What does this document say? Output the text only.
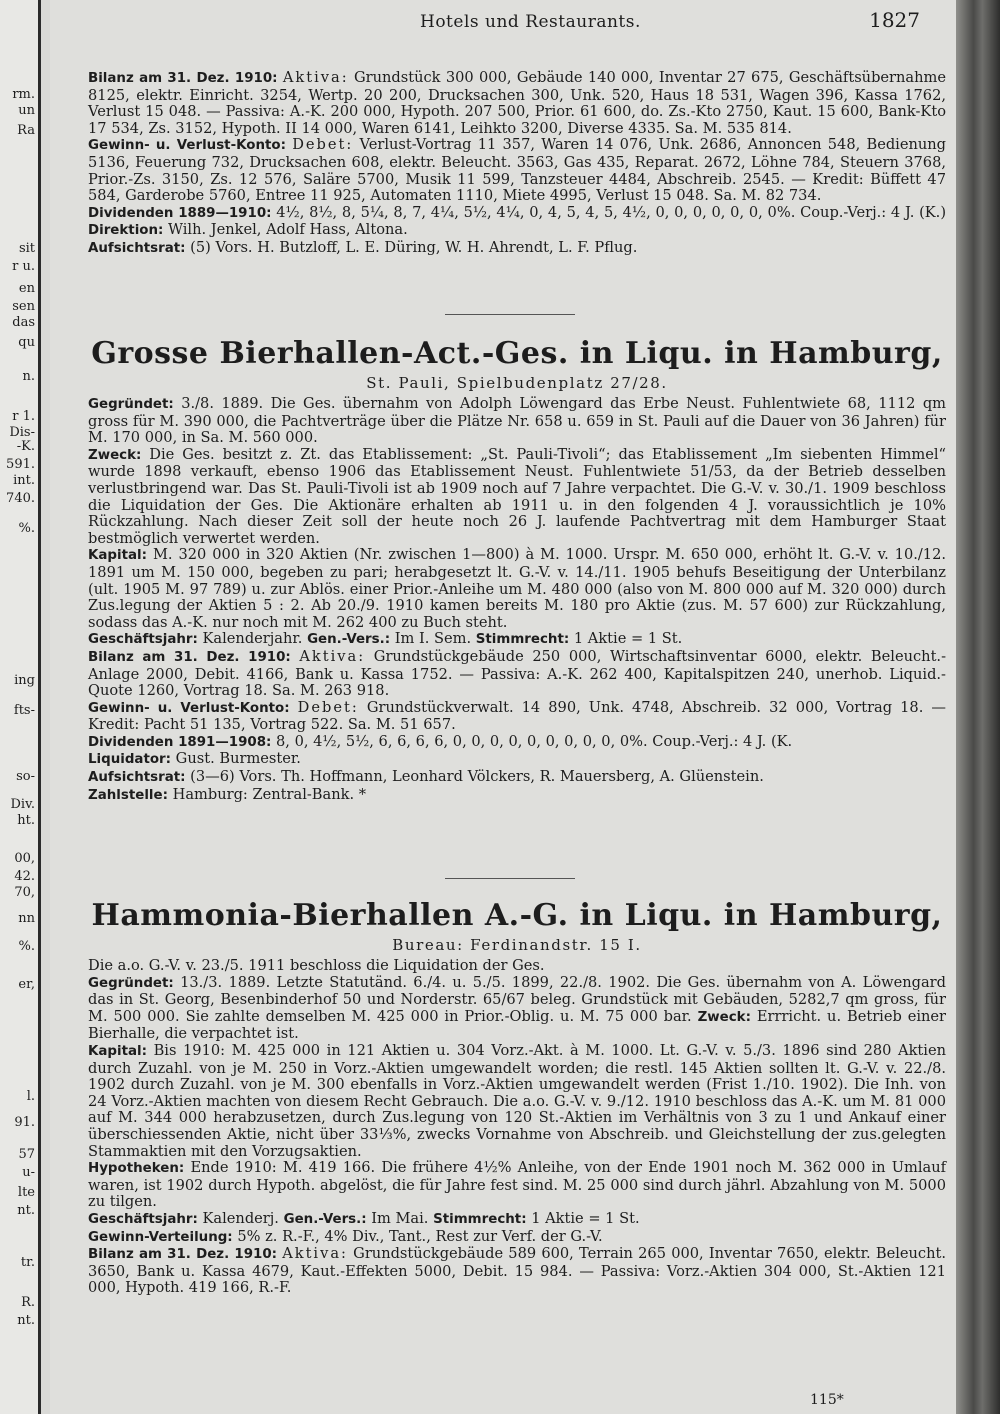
rm.
un
Ra
sit
r u.
en
sen
das
qu
n.
r 1.
Dis-
-K.
591.
int.
740.
%.
ing
fts-
so-
Div.
ht.
00,
42.
70,
nn
%.
er,
l.
91.
57
u-
lte
nt.
tr.
R.
nt.
Hotels und Restaurants.	1827

Bilanz am 31. Dez. 1910: Aktiva: Grundstück 300 000, Gebäude 140 000, Inventar 27 675, Geschäftsübernahme 8125, elektr. Einricht. 3254, Wertp. 20 200, Drucksachen 300, Unk. 520, Haus 18 531, Wagen 396, Kassa 1762, Verlust 15 048. — Passiva: A.-K. 200 000, Hypoth. 207 500, Prior. 61 600, do. Zs.-Kto 2750, Kaut. 15 600, Bank-Kto 17 534, Zs. 3152, Hypoth. II 14 000, Waren 6141, Leihkto 3200, Diverse 4335. Sa. M. 535 814.

Gewinn- u. Verlust-Konto: Debet: Verlust-Vortrag 11 357, Waren 14 076, Unk. 2686, Annoncen 548, Bedienung 5136, Feuerung 732, Drucksachen 608, elektr. Beleucht. 3563, Gas 435, Reparat. 2672, Löhne 784, Steuern 3768, Prior.-Zs. 3150, Zs. 12 576, Saläre 5700, Musik 11 599, Tanzsteuer 4484, Abschreib. 2545. — Kredit: Büffett 47 584, Garderobe 5760, Entree 11 925, Automaten 1110, Miete 4995, Verlust 15 048. Sa. M. 82 734.

Dividenden 1889—1910: 4½, 8½, 8, 5¼, 8, 7, 4¼, 5½, 4¼, 0, 4, 5, 4, 5, 4½, 0, 0, 0, 0, 0, 0, 0%. Coup.-Verj.: 4 J. (K.) Direktion: Wilh. Jenkel, Adolf Hass, Altona.

Aufsichtsrat: (5) Vors. H. Butzloff, L. E. Düring, W. H. Ahrendt, L. F. Pflug.

Grosse Bierhallen-Act.-Ges. in Liqu. in Hamburg,
St. Pauli, Spielbudenplatz 27/28.

Gegründet: 3./8. 1889. Die Ges. übernahm von Adolph Löwengard das Erbe Neust. Fuhlentwiete 68, 1112 qm gross für M. 390 000, die Pachtverträge über die Plätze Nr. 658 u. 659 in St. Pauli auf die Dauer von 36 Jahren) für M. 170 000, in Sa. M. 560 000.

Zweck: Die Ges. besitzt z. Zt. das Etablissement: „St. Pauli-Tivoli“; das Etablissement „Im siebenten Himmel“ wurde 1898 verkauft, ebenso 1906 das Etablissement Neust. Fuhlentwiete 51/53, da der Betrieb desselben verlustbringend war. Das St. Pauli-Tivoli ist ab 1909 noch auf 7 Jahre verpachtet. Die G.-V. v. 30./1. 1909 beschloss die Liquidation der Ges. Die Aktionäre erhalten ab 1911 u. in den folgenden 4 J. voraussichtlich je 10% Rückzahlung. Nach dieser Zeit soll der heute noch 26 J. laufende Pachtvertrag mit dem Hamburger Staat bestmöglich verwertet werden.

Kapital: M. 320 000 in 320 Aktien (Nr. zwischen 1—800) à M. 1000. Urspr. M. 650 000, erhöht lt. G.-V. v. 10./12. 1891 um M. 150 000, begeben zu pari; herabgesetzt lt. G.-V. v. 14./11. 1905 behufs Beseitigung der Unterbilanz (ult. 1905 M. 97 789) u. zur Ablös. einer Prior.-Anleihe um M. 480 000 (also von M. 800 000 auf M. 320 000) durch Zus.legung der Aktien 5 : 2. Ab 20./9. 1910 kamen bereits M. 180 pro Aktie (zus. M. 57 600) zur Rückzahlung, sodass das A.-K. nur noch mit M. 262 400 zu Buch steht.

Geschäftsjahr: Kalenderjahr. Gen.-Vers.: Im I. Sem. Stimmrecht: 1 Aktie = 1 St.

Bilanz am 31. Dez. 1910: Aktiva: Grundstückgebäude 250 000, Wirtschaftsinventar 6000, elektr. Beleucht.-Anlage 2000, Debit. 4166, Bank u. Kassa 1752. — Passiva: A.-K. 262 400, Kapitalspitzen 240, unerhob. Liquid.-Quote 1260, Vortrag 18. Sa. M. 263 918.

Gewinn- u. Verlust-Konto: Debet: Grundstückverwalt. 14 890, Unk. 4748, Abschreib. 32 000, Vortrag 18. — Kredit: Pacht 51 135, Vortrag 522. Sa. M. 51 657.

Dividenden 1891—1908: 8, 0, 4½, 5½, 6, 6, 6, 6, 0, 0, 0, 0, 0, 0, 0, 0, 0, 0%. Coup.-Verj.: 4 J. (K.

Liquidator: Gust. Burmester.

Aufsichtsrat: (3—6) Vors. Th. Hoffmann, Leonhard Völckers, R. Mauersberg, A. Glüenstein.

Zahlstelle: Hamburg: Zentral-Bank. *

Hammonia-Bierhallen A.-G. in Liqu. in Hamburg,
Bureau: Ferdinandstr. 15 I.

Die a.o. G.-V. v. 23./5. 1911 beschloss die Liquidation der Ges.

Gegründet: 13./3. 1889. Letzte Statutänd. 6./4. u. 5./5. 1899, 22./8. 1902. Die Ges. übernahm von A. Löwengard das in St. Georg, Besenbinderhof 50 und Norderstr. 65/67 beleg. Grundstück mit Gebäuden, 5282,7 qm gross, für M. 500 000. Sie zahlte demselben M. 425 000 in Prior.-Oblig. u. M. 75 000 bar. Zweck: Errricht. u. Betrieb einer Bierhalle, die verpachtet ist.

Kapital: Bis 1910: M. 425 000 in 121 Aktien u. 304 Vorz.-Akt. à M. 1000. Lt. G.-V. v. 5./3. 1896 sind 280 Aktien durch Zuzahl. von je M. 250 in Vorz.-Aktien umgewandelt worden; die restl. 145 Aktien sollten lt. G.-V. v. 22./8. 1902 durch Zuzahl. von je M. 300 ebenfalls in Vorz.-Aktien umgewandelt werden (Frist 1./10. 1902). Die Inh. von 24 Vorz.-Aktien machten von diesem Recht Gebrauch. Die a.o. G.-V. v. 9./12. 1910 beschloss das A.-K. um M. 81 000 auf M. 344 000 herabzusetzen, durch Zus.legung von 120 St.-Aktien im Verhältnis von 3 zu 1 und Ankauf einer überschiessenden Aktie, nicht über 33⅓%, zwecks Vornahme von Abschreib. und Gleichstellung der zus.gelegten Stammaktien mit den Vorzugsaktien.

Hypotheken: Ende 1910: M. 419 166. Die frühere 4½% Anleihe, von der Ende 1901 noch M. 362 000 in Umlauf waren, ist 1902 durch Hypoth. abgelöst, die für Jahre fest sind. M. 25 000 sind durch jährl. Abzahlung von M. 5000 zu tilgen.

Geschäftsjahr: Kalenderj. Gen.-Vers.: Im Mai. Stimmrecht: 1 Aktie = 1 St.

Gewinn-Verteilung: 5% z. R.-F., 4% Div., Tant., Rest zur Verf. der G.-V.

Bilanz am 31. Dez. 1910: Aktiva: Grundstückgebäude 589 600, Terrain 265 000, Inventar 7650, elektr. Beleucht. 3650, Bank u. Kassa 4679, Kaut.-Effekten 5000, Debit. 15 984. — Passiva: Vorz.-Aktien 304 000, St.-Aktien 121 000, Hypoth. 419 166, R.-F.

115*
